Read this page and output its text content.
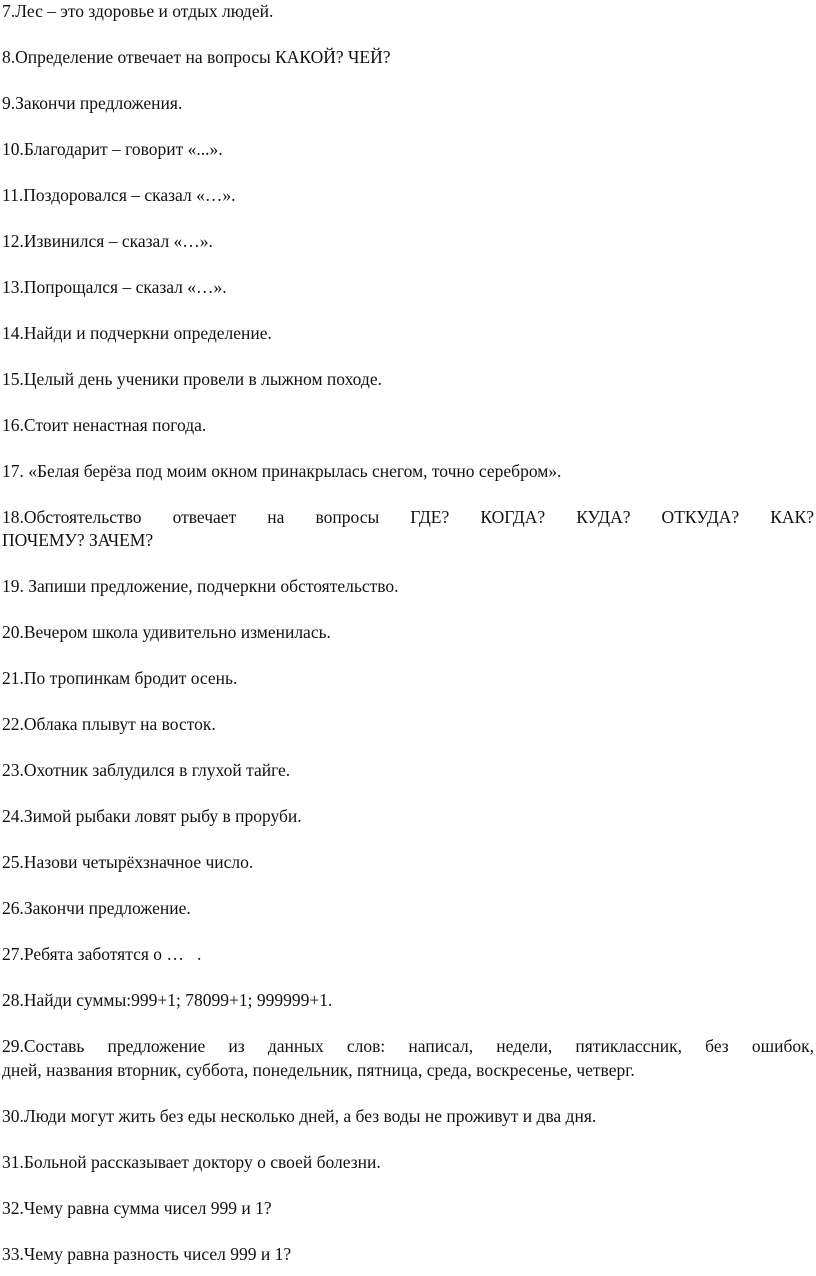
7.Лес – это здоровье и отдых людей.

8.Определение отвечает на вопросы КАКОЙ? ЧЕЙ?

9.Закончи предложения.

10.Благодарит – говорит «...».

11.Поздоровался – сказал «…».

12.Извинился – сказал «…».

13.Попрощался – сказал «…».

14.Найди и подчеркни определение.

15.Целый день ученики провели в лыжном походе.

16.Стоит ненастная погода.

17. «Белая берёза под моим окном принакрылась снегом, точно серебром».

18.Обстоятельство отвечает на вопросы ГДЕ? КОГДА? КУДА? ОТКУДА? КАК?

ПОЧЕМУ? ЗАЧЕМ?

19. Запиши предложение, подчеркни обстоятельство.

20.Вечером школа удивительно изменилась.

21.По тропинкам бродит осень.

22.Облака плывут на восток.

23.Охотник заблудился в глухой тайге.

24.Зимой рыбаки ловят рыбу в проруби.

25.Назови четырёхзначное число.

26.Закончи предложение.

27.Ребята заботятся о …   .

28.Найди суммы:999+1; 78099+1; 999999+1.

29.Составь предложение из данных слов: написал, недели, пятиклассник, без ошибок,

дней, названия вторник, суббота, понедельник, пятница, среда, воскресенье, четверг.

30.Люди могут жить без еды несколько дней, а без воды не проживут и два дня.

31.Больной рассказывает доктору о своей болезни.

32.Чему равна сумма чисел 999 и 1?

33.Чему равна разность чисел 999 и 1?
